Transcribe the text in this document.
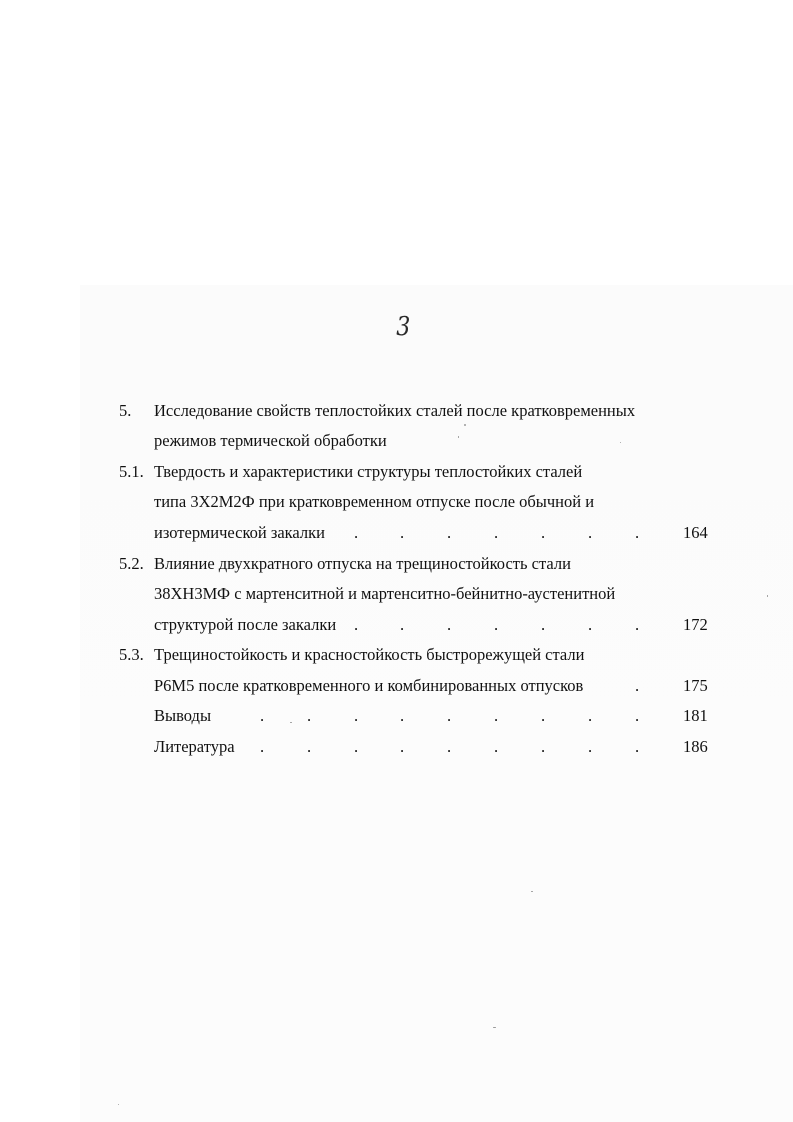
3
5. Исследование свойств теплостойких сталей после кратковременных
режимов термической обработки
5.1. Твердость и характеристики структуры теплостойких сталей
типа 3Х2М2Ф при кратковременном отпуске после обычной и
изотермической закалки .	.	.	.	.	.	.	164
5.2. Влияние двухкратного отпуска на трещиностойкость стали
38ХН3МФ с мартенситной и мартенситно-бейнитно-аустенитной
структурой после закалки .	.	.	.	.	.	.	172
5.3. Трещиностойкость и красностойкость быстрорежущей стали
Р6М5 после кратковременного и комбинированных отпусков	.	175
Выводы	.	.	.	.	.	.	.	.	.	181
Литература .	.	.	.	.	.	.	.	.	186
